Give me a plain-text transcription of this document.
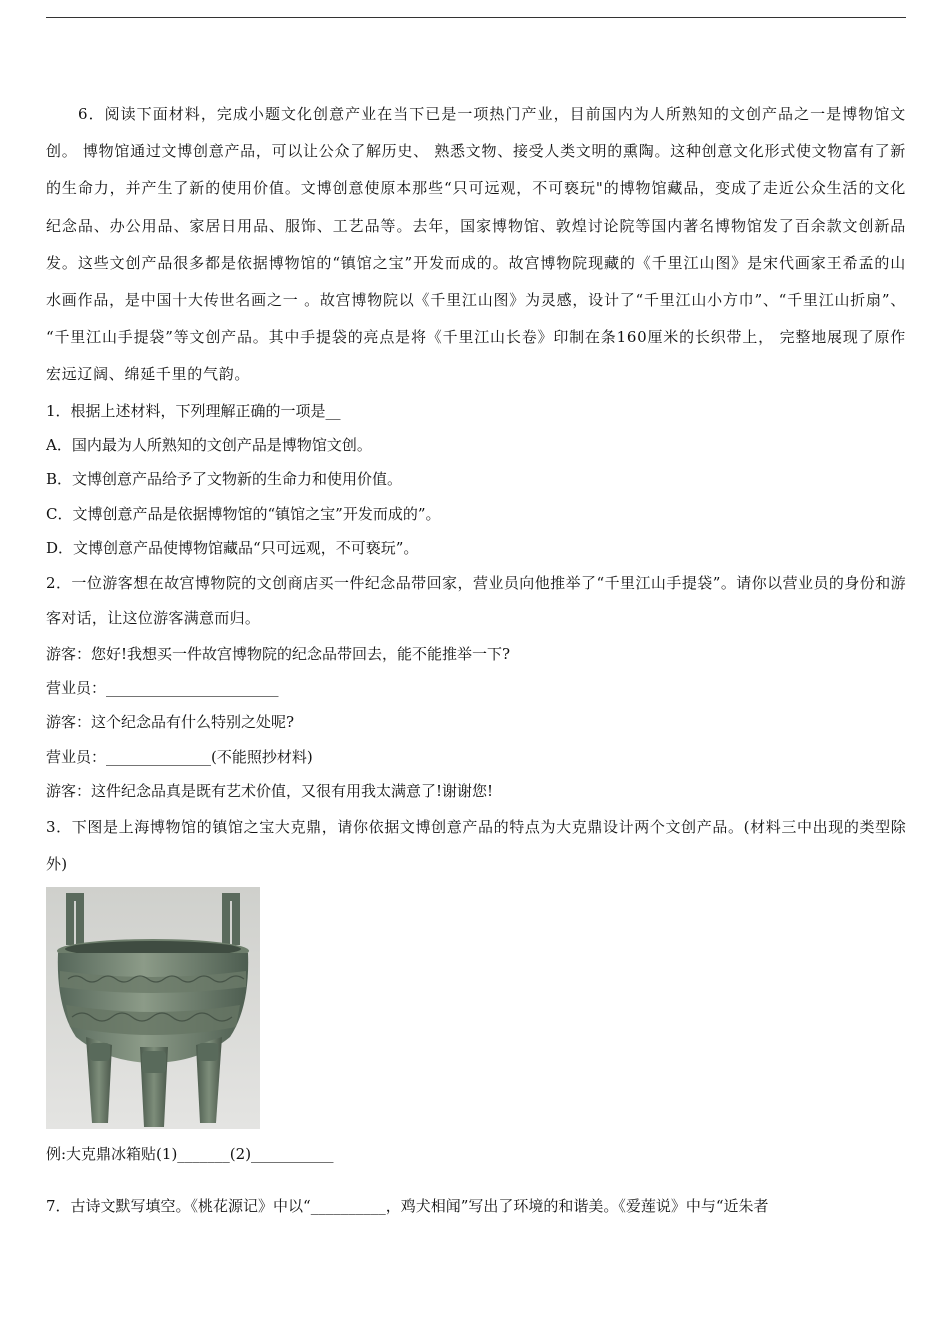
6．阅读下面材料，完成小题文化创意产业在当下已是一项热门产业，目前国内为人所熟知的文创产品之一是博物馆文创。 博物馆通过文博创意产品，可以让公众了解历史、 熟悉文物、接受人类文明的熏陶。这种创意文化形式使文物富有了新的生命力，并产生了新的使用价值。文博创意使原本那些“只可远观，不可亵玩"的博物馆藏品，变成了走近公众生活的文化纪念品、办公用品、家居日用品、服饰、工艺品等。去年，国家博物馆、敦煌讨论院等国内著名博物馆发了百余款文创新品发。这些文创产品很多都是依据博物馆的“镇馆之宝”开发而成的。故宫博物院现藏的《千里江山图》是宋代画家王希孟的山水画作品，是中国十大传世名画之一 。故宫博物院以《千里江山图》为灵感，设计了“千里江山小方巾”、“千里江山折扇”、 “千里江山手提袋”等文创产品。其中手提袋的亮点是将《千里江山长卷》印制在条160厘米的长织带上， 完整地展现了原作宏远辽阔、绵延千里的气韵。

1．根据上述材料，下列理解正确的一项是__

A．国内最为人所熟知的文创产品是博物馆文创。

B．文博创意产品给予了文物新的生命力和使用价值。

C．文博创意产品是依据博物馆的“镇馆之宝”开发而成的”。

D．文博创意产品使博物馆藏品“只可远观，不可亵玩”。

2．一位游客想在故宫博物院的文创商店买一件纪念品带回家，营业员向他推举了“千里江山手提袋”。请你以营业员的身份和游客对话，让这位游客满意而归。

游客：您好!我想买一件故宫博物院的纪念品带回去，能不能推举一下?

营业员：_______________________

游客：这个纪念品有什么特别之处呢?

营业员：______________(不能照抄材料)

游客：这件纪念品真是既有艺术价值，又很有用我太满意了!谢谢您!

3．下图是上海博物馆的镇馆之宝大克鼎，请你依据文博创意产品的特点为大克鼎设计两个文创产品。(材料三中出现的类型除外)

例:大克鼎冰箱贴(1)_______(2)___________

7．古诗文默写填空。《桃花源记》中以“__________，鸡犬相闻”写出了环境的和谐美。《爱莲说》中与“近朱者
